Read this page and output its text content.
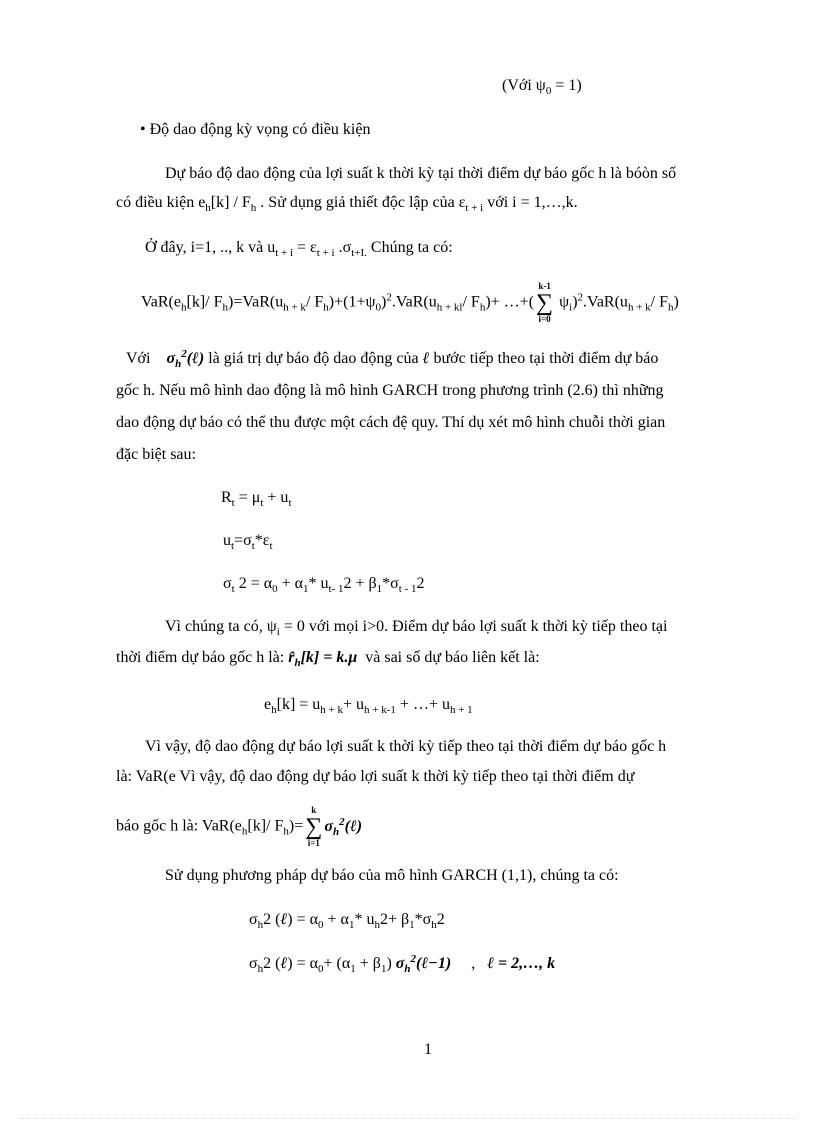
(Với $\psi_0 = 1$)
• Độ dao động kỳ vọng có điều kiện
Dự báo độ dao động của lợi suất k thời kỳ tại thời điểm dự báo gốc h là bóòn số
có điều kiện $e_h[k] / F_h$ . Sử dụng giả thiết độc lập của $\varepsilon_{t + i}$ với i = 1,…,k.
Ở đây, i=1, .., k và $u_{t + i} = \varepsilon_{t + i}$ $.\sigma_{t+I.}$ Chúng ta có:
$VaR(e_h[k]/$ $F_h)=VaR(u_{h + k}/$ $F_h)+(1+\psi_0)^2.VaR(u_{h + kl}/$ $F_h)+$ …+(
k-1
∑
i=0
$\psi_i)^2.VaR(u_{h + k}/$ $F_h$)
Với $\sigma_h^2(\ell)$ là giá trị dự báo độ dao động của ℓ bước tiếp theo tại thời điểm dự báo
gốc h. Nếu mô hình dao động là mô hình GARCH trong phương trình (2.6) thì những
dao động dự báo có thể thu được một cách đệ quy. Thí dụ xét mô hình chuỗi thời gian
đặc biệt sau:
$R_t = \mu_t + u_t$
$u_t=\sigma_t*\varepsilon_t$
$\sigma_t$ $2 = \alpha_0 + \alpha_1*$ $u_{t- 1}2 + \beta_1*\sigma_{t - 1}2$
Vì chúng ta có, $\psi_i = 0$ với mọi i>0. Điểm dự báo lợi suất k thời kỳ tiếp theo tại
thời điểm dự báo gốc h là: $r̂_h[k] = k.\mu$ và sai số dự báo liên kết là:
$e_h[k] = u_{h + k}+ u_{h + k-1}$ + …+ $u_{h + 1}$
Vì vậy, độ dao động dự báo lợi suất k thời kỳ tiếp theo tại thời điểm dự báo gốc h
là: VaR(e Vì vậy, độ dao động dự báo lợi suất k thời kỳ tiếp theo tại thời điểm dự
báo gốc h là: $VaR(e_h[k]/$ $F_h)=$
k
∑
i=1
$\sigma_h^2(\ell)$
Sử dụng phương pháp dự báo của mô hình GARCH (1,1), chúng ta có:
$\sigma_h2$ (ℓ) = $\alpha_0 + \alpha_1*$ $u_h2+ \beta_1*\sigma_h2$
$\sigma_h2$ (ℓ) = $\alpha_0+ (\alpha_1 + \beta_1)$ $\sigma_h^2(\ell-1)$ , ℓ = 2,…, k
1
